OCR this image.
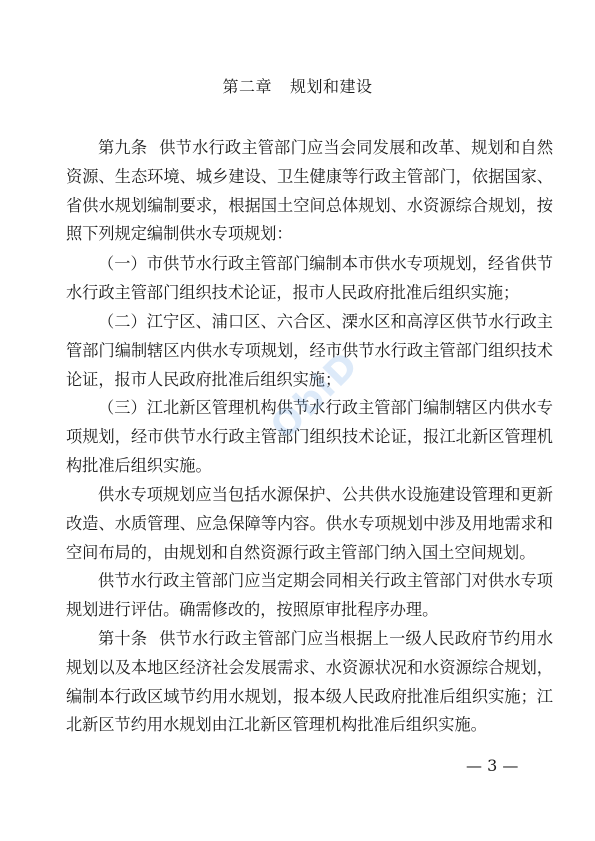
第二章 规划和建设

第九条 供节水行政主管部门应当会同发展和改革、规划和自然资源、生态环境、城乡建设、卫生健康等行政主管部门，依据国家、省供水规划编制要求，根据国土空间总体规划、水资源综合规划，按照下列规定编制供水专项规划：

（一）市供节水行政主管部门编制本市供水专项规划，经省供节水行政主管部门组织技术论证，报市人民政府批准后组织实施；

（二）江宁区、浦口区、六合区、溧水区和高淳区供节水行政主管部门编制辖区内供水专项规划，经市供节水行政主管部门组织技术论证，报市人民政府批准后组织实施；

（三）江北新区管理机构供节水行政主管部门编制辖区内供水专项规划，经市供节水行政主管部门组织技术论证，报江北新区管理机构批准后组织实施。

供水专项规划应当包括水源保护、公共供水设施建设管理和更新改造、水质管理、应急保障等内容。供水专项规划中涉及用地需求和空间布局的，由规划和自然资源行政主管部门纳入国土空间规划。

供节水行政主管部门应当定期会同相关行政主管部门对供水专项规划进行评估。确需修改的，按照原审批程序办理。

第十条 供节水行政主管部门应当根据上一级人民政府节约用水规划以及本地区经济社会发展需求、水资源状况和水资源综合规划，编制本行政区域节约用水规划，报本级人民政府批准后组织实施；江北新区节约用水规划由江北新区管理机构批准后组织实施。

ObiD
— 3 —
